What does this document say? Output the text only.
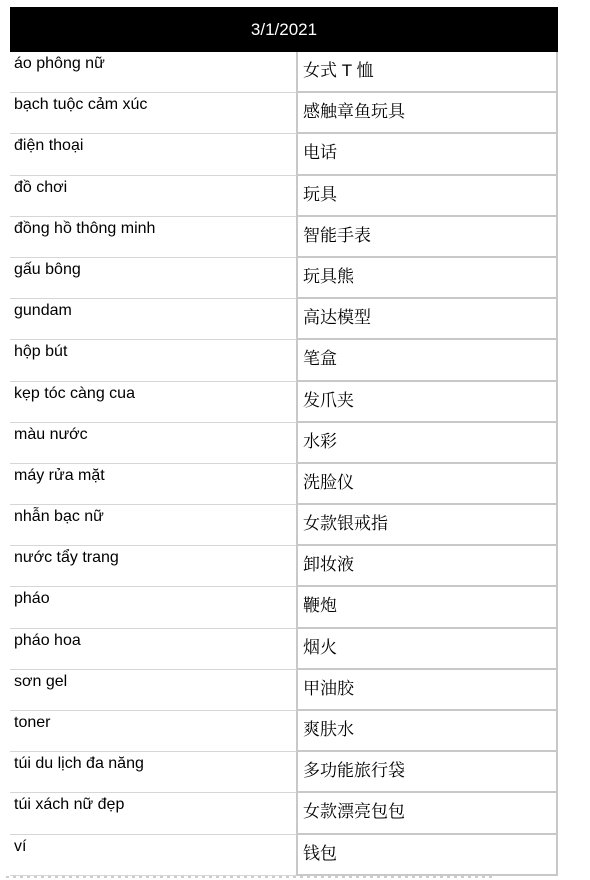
3/1/2021
áo phông nữ	女式 T 恤
bạch tuộc cảm xúc	感触章鱼玩具
điện thoại	电话
đồ chơi	玩具
đồng hồ thông minh	智能手表
gấu bông	玩具熊
gundam	高达模型
hộp bút	笔盒
kẹp tóc càng cua	发爪夹
màu nước	水彩
máy rửa mặt	洗脸仪
nhẫn bạc nữ	女款银戒指
nước tẩy trang	卸妆液
pháo	鞭炮
pháo hoa	烟火
sơn gel	甲油胶
toner	爽肤水
túi du lịch đa năng	多功能旅行袋
túi xách nữ đẹp	女款漂亮包包
ví	钱包
